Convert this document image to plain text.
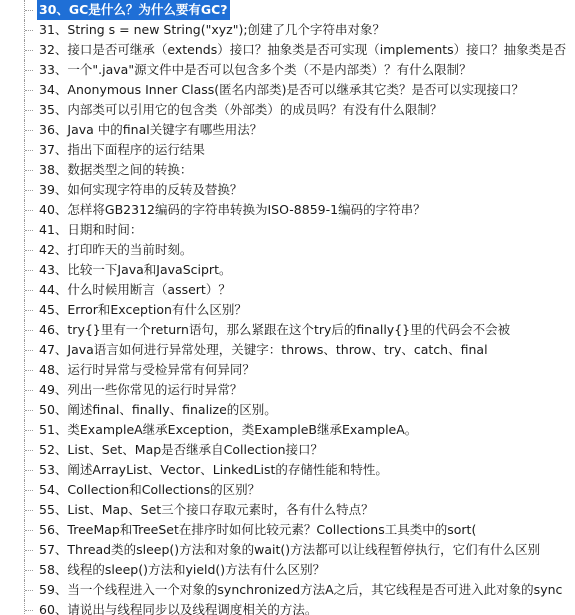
30、GC是什么？为什么要有GC?
31、String s = new String("xyz");创建了几个字符串对象？
32、接口是否可继承（extends）接口？抽象类是否可实现（implements）接口？抽象类是否
33、一个".java"源文件中是否可以包含多个类（不是内部类）？有什么限制？
34、Anonymous Inner Class(匿名内部类)是否可以继承其它类？是否可以实现接口？
35、内部类可以引用它的包含类（外部类）的成员吗？有没有什么限制？
36、Java 中的final关键字有哪些用法？
37、指出下面程序的运行结果
38、数据类型之间的转换：
39、如何实现字符串的反转及替换？
40、怎样将GB2312编码的字符串转换为ISO-8859-1编码的字符串？
41、日期和时间：
42、打印昨天的当前时刻。
43、比较一下Java和JavaSciprt。
44、什么时候用断言（assert）？
45、Error和Exception有什么区别？
46、try{}里有一个return语句，那么紧跟在这个try后的finally{}里的代码会不会被
47、Java语言如何进行异常处理，关键字：throws、throw、try、catch、final
48、运行时异常与受检异常有何异同？
49、列出一些你常见的运行时异常？
50、阐述final、finally、finalize的区别。
51、类ExampleA继承Exception，类ExampleB继承ExampleA。
52、List、Set、Map是否继承自Collection接口？
53、阐述ArrayList、Vector、LinkedList的存储性能和特性。
54、Collection和Collections的区别？
55、List、Map、Set三个接口存取元素时，各有什么特点？
56、TreeMap和TreeSet在排序时如何比较元素？Collections工具类中的sort(
57、Thread类的sleep()方法和对象的wait()方法都可以让线程暂停执行，它们有什么区别
58、线程的sleep()方法和yield()方法有什么区别？
59、当一个线程进入一个对象的synchronized方法A之后，其它线程是否可进入此对象的sync
60、请说出与线程同步以及线程调度相关的方法。
